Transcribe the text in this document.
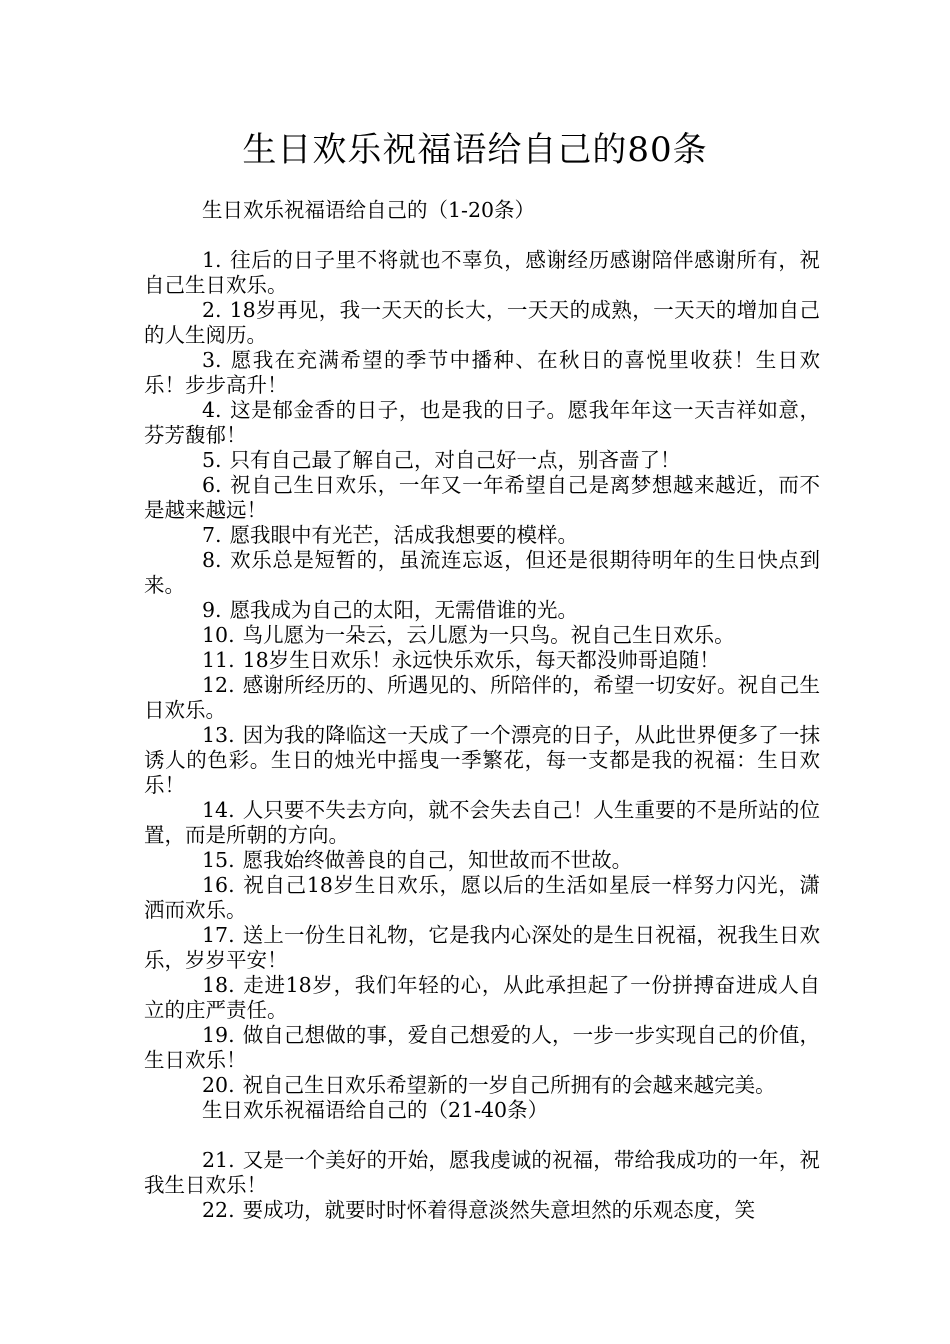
生日欢乐祝福语给自己的80条

生日欢乐祝福语给自己的（1-20条）

1. 往后的日子里不将就也不辜负，感谢经历感谢陪伴感谢所有，祝自己生日欢乐。

2. 18岁再见，我一天天的长大，一天天的成熟，一天天的增加自己的人生阅历。

3. 愿我在充满希望的季节中播种、在秋日的喜悦里收获！生日欢乐！步步高升！

4. 这是郁金香的日子，也是我的日子。愿我年年这一天吉祥如意，芬芳馥郁！

5. 只有自己最了解自己，对自己好一点，别吝啬了！

6. 祝自己生日欢乐，一年又一年希望自己是离梦想越来越近，而不是越来越远！

7. 愿我眼中有光芒，活成我想要的模样。

8. 欢乐总是短暂的，虽流连忘返，但还是很期待明年的生日快点到来。

9. 愿我成为自己的太阳，无需借谁的光。

10. 鸟儿愿为一朵云，云儿愿为一只鸟。祝自己生日欢乐。

11. 18岁生日欢乐！永远快乐欢乐，每天都没帅哥追随！

12. 感谢所经历的、所遇见的、所陪伴的，希望一切安好。祝自己生日欢乐。

13. 因为我的降临这一天成了一个漂亮的日子，从此世界便多了一抹诱人的色彩。生日的烛光中摇曳一季繁花，每一支都是我的祝福：生日欢乐！

14. 人只要不失去方向，就不会失去自己！人生重要的不是所站的位置，而是所朝的方向。

15. 愿我始终做善良的自己，知世故而不世故。

16. 祝自己18岁生日欢乐，愿以后的生活如星辰一样努力闪光，潇洒而欢乐。

17. 送上一份生日礼物，它是我内心深处的是生日祝福，祝我生日欢乐，岁岁平安！

18. 走进18岁，我们年轻的心，从此承担起了一份拼搏奋进成人自立的庄严责任。

19. 做自己想做的事，爱自己想爱的人，一步一步实现自己的价值，生日欢乐！

20. 祝自己生日欢乐希望新的一岁自己所拥有的会越来越完美。

生日欢乐祝福语给自己的（21-40条）

21. 又是一个美好的开始，愿我虔诚的祝福，带给我成功的一年，祝我生日欢乐！

22. 要成功，就要时时怀着得意淡然失意坦然的乐观态度，笑
